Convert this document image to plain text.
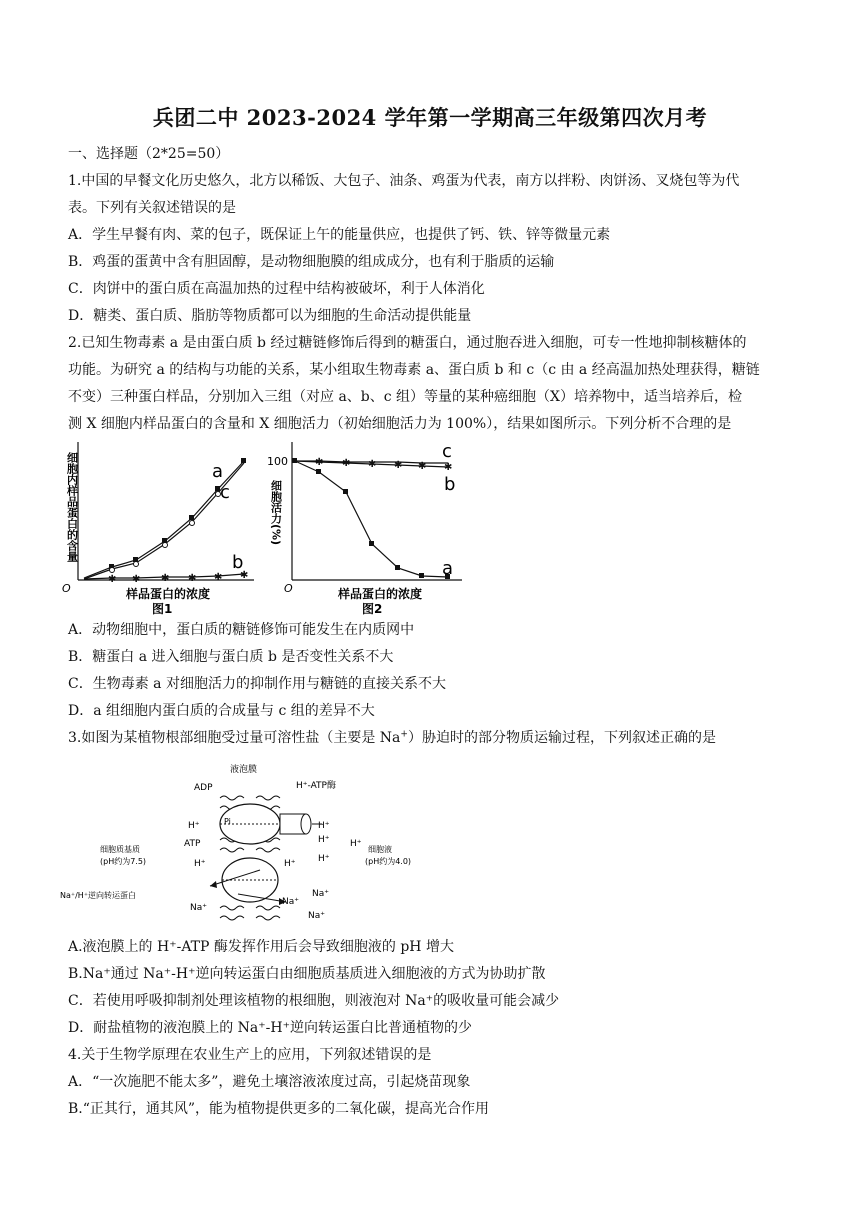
兵团二中 2023-2024 学年第一学期高三年级第四次月考
一、选择题（2*25=50）
1.中国的早餐文化历史悠久，北方以稀饭、大包子、油条、鸡蛋为代表，南方以拌粉、肉饼汤、叉烧包等为代
表。下列有关叙述错误的是
A．学生早餐有肉、菜的包子，既保证上午的能量供应，也提供了钙、铁、锌等微量元素
B．鸡蛋的蛋黄中含有胆固醇，是动物细胞膜的组成成分，也有利于脂质的运输
C．肉饼中的蛋白质在高温加热的过程中结构被破坏，利于人体消化
D．糖类、蛋白质、脂肪等物质都可以为细胞的生命活动提供能量
2.已知生物毒素 a 是由蛋白质 b 经过糖链修饰后得到的糖蛋白，通过胞吞进入细胞，可专一性地抑制核糖体的
功能。为研究 a 的结构与功能的关系，某小组取生物毒素 a、蛋白质 b 和 c（c 由 a 经高温加热处理获得，糖链
不变）三种蛋白样品，分别加入三组（对应 a、b、c 组）等量的某种癌细胞（X）培养物中，适当培养后，检
测 X 细胞内样品蛋白的含量和 X 细胞活力（初始细胞活力为 100%），结果如图所示。下列分析不合理的是
细胞内样品蛋白的含量
O	样品蛋白的浓度
图1
✱ ✱ ✱ ✱ ✱ ✱
a
c
b
100
细胞活力(%)
O	样品蛋白的浓度
图2
✱ ✱ ✱ ✱ ✱ ✱
c
b
a
A．动物细胞中，蛋白质的糖链修饰可能发生在内质网中
B．糖蛋白 a 进入细胞与蛋白质 b 是否变性关系不大
C．生物毒素 a 对细胞活力的抑制作用与糖链的直接关系不大
D．a 组细胞内蛋白质的合成量与 c 组的差异不大
3.如图为某植物根部细胞受过量可溶性盐（主要是 Na+）胁迫时的部分物质运输过程，下列叙述正确的是
液泡膜
ADP	H⁺-ATP酶
Pi
H⁺	H⁺
ATP	H⁺
H⁺
H⁺
细胞质基质
(pH约为7.5)
细胞液
(pH约为4.0)
H⁺	H⁺
Na⁺/H⁺逆向转运蛋白
Na⁺
Na⁺
Na⁺
Na⁺
A.液泡膜上的 H⁺-ATP 酶发挥作用后会导致细胞液的 pH 增大
B.Na⁺通过 Na⁺-H⁺逆向转运蛋白由细胞质基质进入细胞液的方式为协助扩散
C．若使用呼吸抑制剂处理该植物的根细胞，则液泡对 Na⁺的吸收量可能会减少
D．耐盐植物的液泡膜上的 Na⁺-H⁺逆向转运蛋白比普通植物的少
4.关于生物学原理在农业生产上的应用，下列叙述错误的是
A．“一次施肥不能太多”，避免土壤溶液浓度过高，引起烧苗现象
B.“正其行，通其风”，能为植物提供更多的二氧化碳，提高光合作用
